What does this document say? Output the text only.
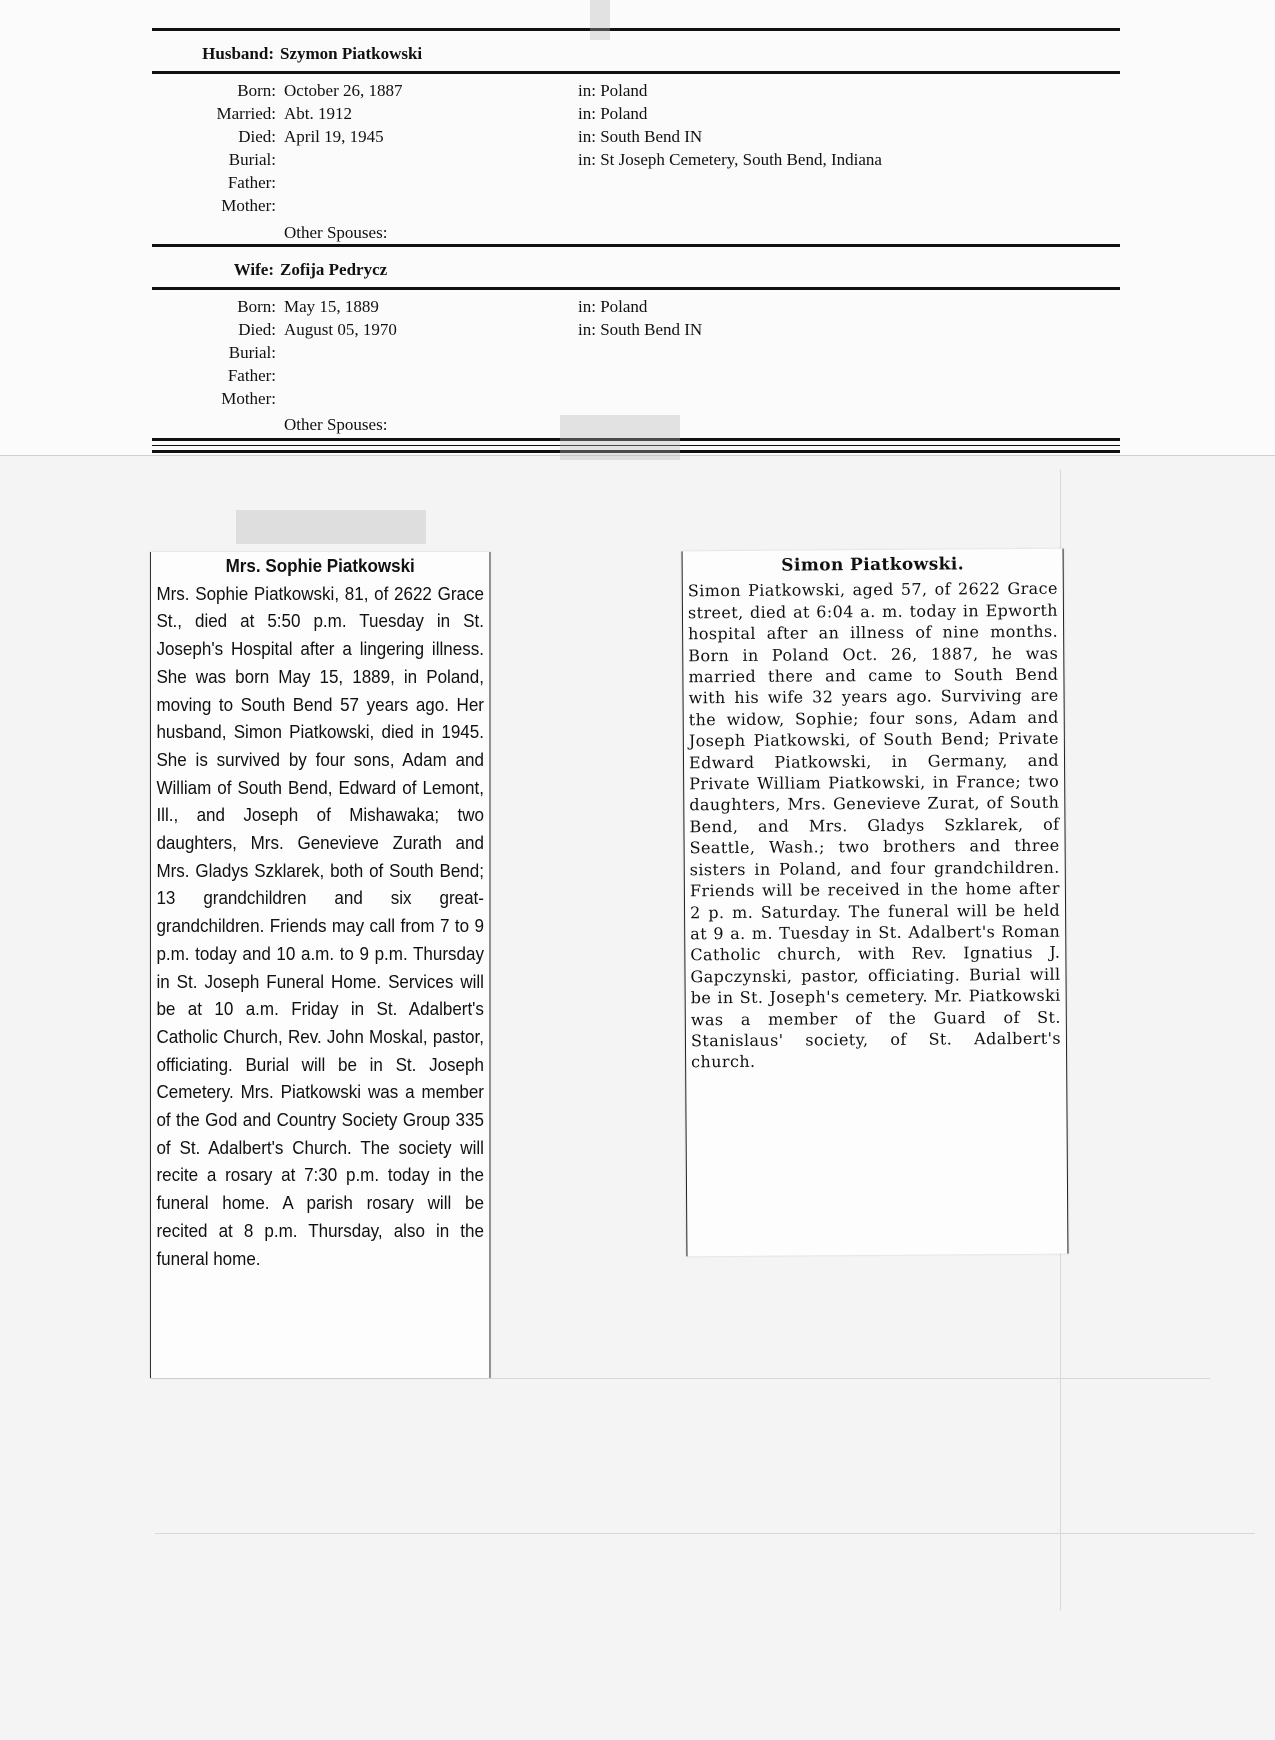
Husband: Szymon Piatkowski
Born: October 26, 1887	in: Poland
Married: Abt. 1912	in: Poland
Died: April 19, 1945	in: South Bend IN
Burial:	in: St Joseph Cemetery, South Bend, Indiana
Father:
Mother:
Other Spouses:
Wife: Zofija Pedrycz
Born: May 15, 1889	in: Poland
Died: August 05, 1970	in: South Bend IN
Burial:
Father:
Mother:
Other Spouses:
Mrs. Sophie Piatkowski
Mrs. Sophie Piatkowski, 81, of 2622 Grace St., died at 5:50 p.m. Tuesday in St. Joseph's Hospital after a lingering illness. She was born May 15, 1889, in Poland, moving to South Bend 57 years ago. Her husband, Simon Piatkowski, died in 1945. She is survived by four sons, Adam and William of South Bend, Edward of Lemont, Ill., and Joseph of Mishawaka; two daughters, Mrs. Genevieve Zurath and Mrs. Gladys Szklarek, both of South Bend; 13 grandchildren and six great-grandchildren. Friends may call from 7 to 9 p.m. today and 10 a.m. to 9 p.m. Thursday in St. Joseph Funeral Home. Services will be at 10 a.m. Friday in St. Adalbert's Catholic Church, Rev. John Moskal, pastor, officiating. Burial will be in St. Joseph Cemetery. Mrs. Piatkowski was a member of the God and Country Society Group 335 of St. Adalbert's Church. The society will recite a rosary at 7:30 p.m. today in the funeral home. A parish rosary will be recited at 8 p.m. Thursday, also in the funeral home.
Simon Piatkowski.
Simon Piatkowski, aged 57, of 2622 Grace street, died at 6:04 a. m. today in Epworth hospital after an illness of nine months. Born in Poland Oct. 26, 1887, he was married there and came to South Bend with his wife 32 years ago. Surviving are the widow, Sophie; four sons, Adam and Joseph Piatkowski, of South Bend; Private Edward Piatkowski, in Germany, and Private William Piatkowski, in France; two daughters, Mrs. Genevieve Zurat, of South Bend, and Mrs. Gladys Szklarek, of Seattle, Wash.; two brothers and three sisters in Poland, and four grandchildren. Friends will be received in the home after 2 p. m. Saturday. The funeral will be held at 9 a. m. Tuesday in St. Adalbert's Roman Catholic church, with Rev. Ignatius J. Gapczynski, pastor, officiating. Burial will be in St. Joseph's cemetery. Mr. Piatkowski was a member of the Guard of St. Stanislaus' society, of St. Adalbert's church.
